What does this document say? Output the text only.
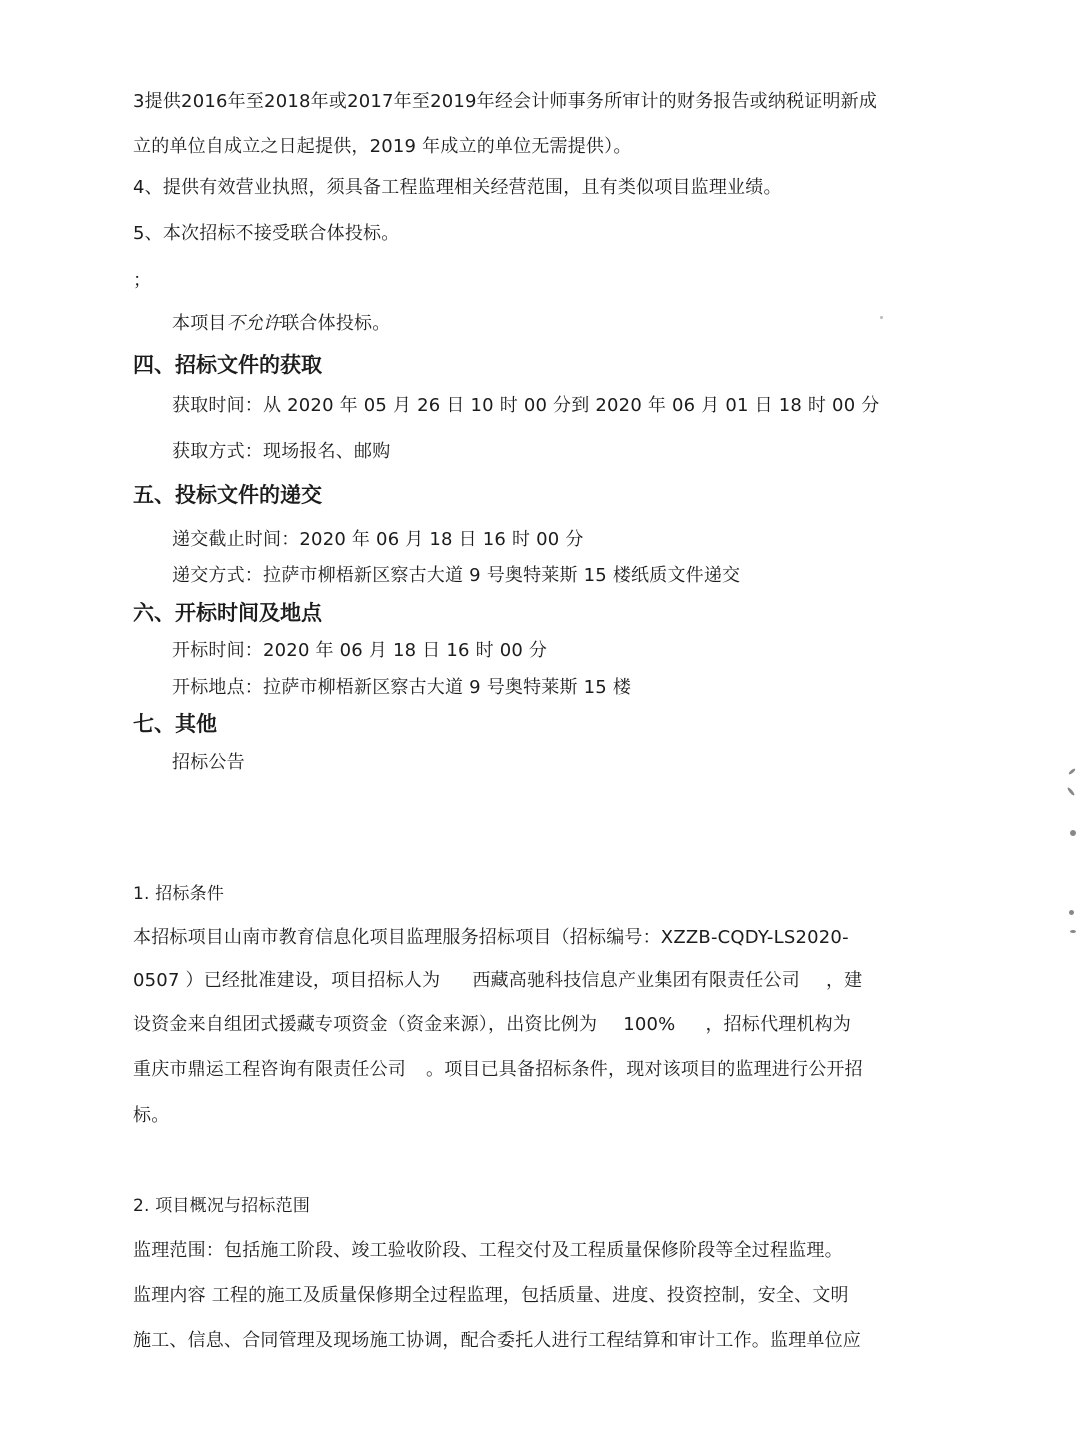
3提供2016年至2018年或2017年至2019年经会计师事务所审计的财务报告或纳税证明新成
立的单位自成立之日起提供，2019 年成立的单位无需提供）。
4、提供有效营业执照，须具备工程监理相关经营范围，且有类似项目监理业绩。
5、本次招标不接受联合体投标。
；
本项目不允许联合体投标。
四、招标文件的获取
获取时间：从 2020 年 05 月 26 日 10 时 00 分到 2020 年 06 月 01 日 18 时 00 分
获取方式：现场报名、邮购
五、投标文件的递交
递交截止时间：2020 年 06 月 18 日 16 时 00 分
递交方式：拉萨市柳梧新区察古大道 9 号奥特莱斯 15 楼纸质文件递交
六、开标时间及地点
开标时间：2020 年 06 月 18 日 16 时 00 分
开标地点：拉萨市柳梧新区察古大道 9 号奥特莱斯 15 楼
七、其他
招标公告
1. 招标条件
本招标项目山南市教育信息化项目监理服务招标项目（招标编号：XZZB-CQDY-LS2020-
0507 ）已经批准建设，项目招标人为 西藏高驰科技信息产业集团有限责任公司 ，建
设资金来自组团式援藏专项资金（资金来源），出资比例为 100% ，招标代理机构为
重庆市鼎运工程咨询有限责任公司 。项目已具备招标条件，现对该项目的监理进行公开招
标。
2. 项目概况与招标范围
监理范围：包括施工阶段、竣工验收阶段、工程交付及工程质量保修阶段等全过程监理。
监理内容 工程的施工及质量保修期全过程监理，包括质量、进度、投资控制，安全、文明
施工、信息、合同管理及现场施工协调，配合委托人进行工程结算和审计工作。监理单位应
